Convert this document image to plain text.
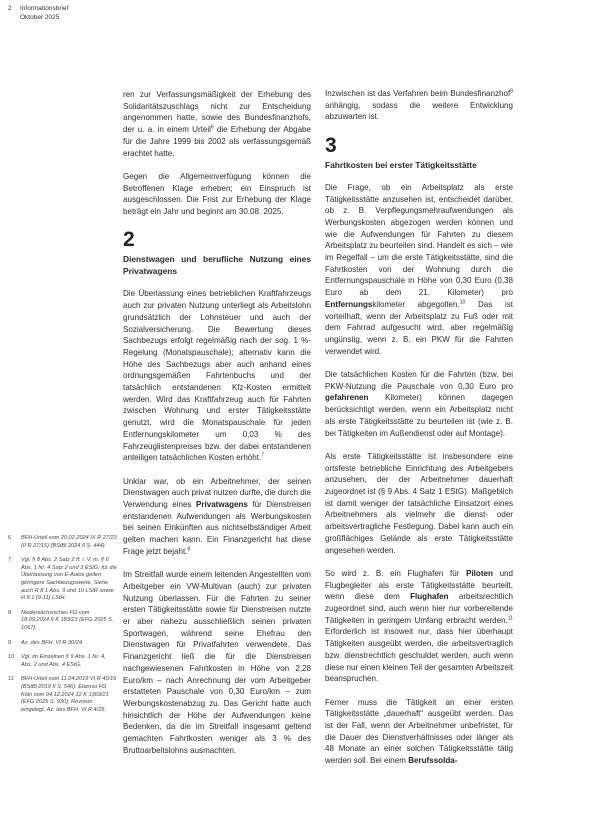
2 Informationsbrief
Oktober 2025

ren zur Verfassungsmäßigkeit der Erhebung des Solidaritätszuschlags nicht zur Entscheidung angenommen hatte, sowie des Bundesfinanzhofs, der u. a. in einem Urteil$^6$ die Erhebung der Abgabe für die Jahre 1999 bis 2002 als verfassungsgemäß erachtet hatte.

Gegen die Allgemeinverfügung können die Betroffenen Klage erheben; ein Einspruch ist ausgeschlossen. Die Frist zur Erhebung der Klage beträgt ein Jahr und beginnt am 30.08. 2025.

2
Dienstwagen und berufliche Nutzung eines Privatwagens

Die Überlassung eines betrieblichen Kraftfahrzeugs auch zur privaten Nutzung unterliegt als Arbeitslohn grundsätzlich der Lohnsteuer und auch der Sozialversicherung. Die Bewertung dieses Sachbezugs erfolgt regelmäßig nach der sog. 1 %-Regelung (Monatspauschale); alternativ kann die Höhe des Sachbezugs aber auch anhand eines ordnungsgemäßen Fahrtenbuchs und der tatsächlich entstandenen Kfz-Kosten ermittelt werden. Wird das Kraftfahrzeug auch für Fahrten zwischen Wohnung und erster Tätigkeitsstätte genutzt, wird die Monatspauschale für jeden Entfernungskilometer um 0,03 % des Fahrzeuglistenpreises bzw. der dabei entstandenen anteiligen tatsächlichen Kosten erhöht.$^7$

Unklar war, ob ein Arbeitnehmer, der seinen Dienstwagen auch privat nutzen durfte, die durch die Verwendung eines Privatwagens für Dienstreisen entstandenen Aufwendungen als Werbungskosten bei seinen Einkünften aus nichtselbständiger Arbeit gelten machen kann. Ein Finanzgericht hat diese Frage jetzt bejaht.$^8$

Im Streitfall wurde einem leitenden Angestellten vom Arbeitgeber ein VW-Multivan (auch) zur privaten Nutzung überlassen. Für die Fahrten zu seiner ersten Tätigkeitsstätte sowie für Dienstreisen nutzte er aber nahezu ausschließlich seinen privaten Sportwagen, während seine Ehefrau den Dienstwagen für Privatfahrten verwendete. Das Finanzgericht ließ die für die Dienstreisen nachgewiesenen Fahrtkosten in Höhe von 2,28 Euro/km – nach Anrechnung der vom Arbeitgeber erstatteten Pauschale von 0,30 Euro/km – zum Werbungskostenabzug zu. Das Gericht hatte auch hinsichtlich der Höhe der Aufwendungen keine Bedenken, da die im Streitfall insgesamt geltend gemachten Fahrtkosten weniger als 3 % des Bruttoarbeitslohns ausmachten.

Inzwischen ist das Verfahren beim Bundesfinanzhof$^9$ anhängig, sodass die weitere Entwicklung abzuwarten ist.

3
Fahrtkosten bei erster Tätigkeitsstätte

Die Frage, ob ein Arbeitsplatz als erste Tätigkeitsstätte anzusehen ist, entscheidet darüber, ob z. B. Verpflegungsmehraufwendungen als Werbungskosten abgezogen werden können und wie die Aufwendungen für Fahrten zu diesem Arbeitsplatz zu beurteilen sind. Handelt es sich – wie im Regelfall – um die erste Tätigkeitsstätte, sind die Fahrtkosten von der Wohnung durch die Entfernungspauschale in Höhe von 0,30 Euro (0,38 Euro ab dem 21. Kilometer) pro Entfernungskilometer abgegolten.$^{10}$ Das ist vorteilhaft, wenn der Arbeitsplatz zu Fuß oder mit dem Fahrrad aufgesucht wird, aber regelmäßig ungünstig, wenn z. B. ein PKW für die Fahrten verwendet wird.

Die tatsächlichen Kosten für die Fahrten (bzw. bei PKW-Nutzung die Pauschale von 0,30 Euro pro gefahrenen Kilometer) können dagegen berücksichtigt werden, wenn ein Arbeitsplatz nicht als erste Tätigkeitsstätte zu beurteilen ist (wie z. B. bei Tätigkeiten im Außendienst oder auf Montage).

Als erste Tätigkeitsstätte ist insbesondere eine ortsfeste betriebliche Einrichtung des Arbeitgebers anzusehen, der der Arbeitnehmer dauerhaft zugeordnet ist (§ 9 Abs. 4 Satz 1 EStG). Maßgeblich ist damit weniger der tatsächliche Einsatzort eines Arbeitnehmers als vielmehr die dienst- oder arbeitsvertragliche Festlegung. Dabei kann auch ein großflächiges Gelände als erste Tätigkeitsstätte angesehen werden.

So wird z. B. ein Flughafen für Piloten und Flugbegleiter als erste Tätigkeitsstätte beurteilt, wenn diese dem Flughafen arbeitsrechtlich zugeordnet sind, auch wenn hier nur vorbereitende Tätigkeiten in geringem Umfang erbracht werden.$^{11}$ Erforderlich ist insoweit nur, dass hier überhaupt Tätigkeiten ausgeübt werden, die arbeitsvertraglich bzw. dienstrechtlich geschuldet werden, auch wenn diese nur einen kleinen Teil der gesamten Arbeitszeit beanspruchen.

Ferner muss die Tätigkeit an einer ersten Tätigkeitsstätte „dauerhaft“ ausgeübt werden. Das ist der Fall, wenn der Arbeitnehmer unbefristet, für die Dauer des Dienstverhältnisses oder länger als 48 Monate an einer solchen Tätigkeitsstätte tätig werden soll. Bei einem Berufssolda-

6	BFH-Urteil vom 20.02.2024 IX R 27/23 (II R 27/15) (BStBl 2024 II S. 444).
7	Vgl. § 8 Abs. 2 Satz 2 ff. i. V. m. § 6 Abs. 1 Nr. 4 Satz 2 und 3 EStG; für die Überlassung von E-Autos gelten geringere Sachbezugswerte. Siehe auch R 8.1 Abs. 9 und 10 LStR sowie H 8.1 (9-11) LStH.
8	Niedersächsisches FG vom 18.09.2024 9 K 183/23 (EFG 2025 S. 1067).
9	Az. des BFH: VI R 30/24.
10	Vgl. im Einzelnen § 9 Abs. 1 Nr. 4, Abs. 2 und Abs. 4 EStG.
11	BFH-Urteil vom 11.04.2019 VI R 40/16 (BStBl 2019 II S. 546). Ebenso FG Köln vom 04.12.2024 12 K 1369/21 (EFG 2025 S. 930); Revision eingelegt, Az. des BFH: VI R 4/25.
